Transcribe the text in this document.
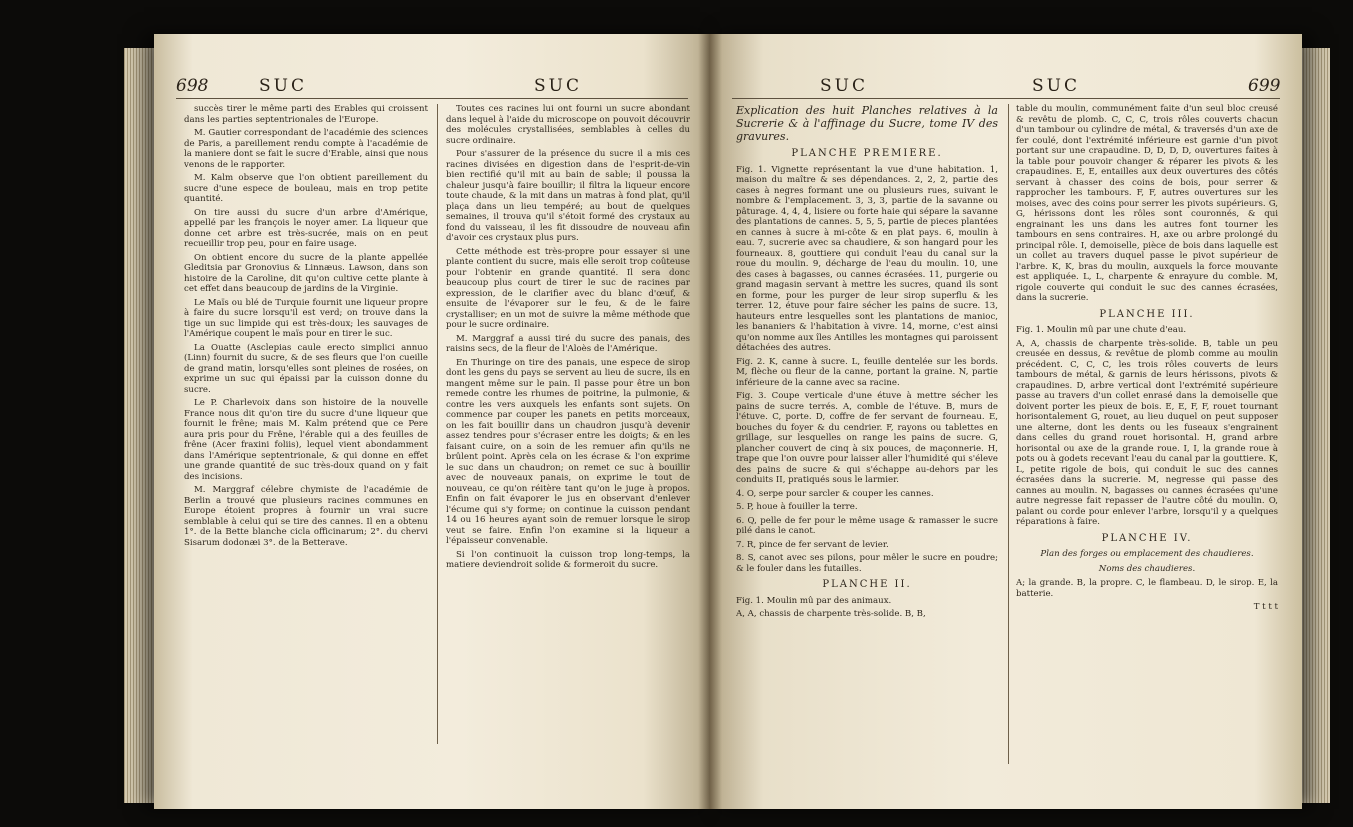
698	SUC	SUC

succès tirer le même parti des Erables qui croissent dans les parties septentrionales de l'Europe.

M. Gautier correspondant de l'académie des sciences de Paris, a pareillement rendu compte à l'académie de la maniere dont se fait le sucre d'Erable, ainsi que nous venons de le rapporter.

M. Kalm observe que l'on obtient pareillement du sucre d'une espece de bouleau, mais en trop petite quantité.

On tire aussi du sucre d'un arbre d'Amérique, appellé par les françois le noyer amer. La liqueur que donne cet arbre est très-sucrée, mais on en peut recueillir trop peu, pour en faire usage.

On obtient encore du sucre de la plante appellée Gleditsia par Gronovius & Linnæus. Lawson, dans son histoire de la Caroline, dit qu'on cultive cette plante à cet effet dans beaucoup de jardins de la Virginie.

Le Maïs ou blé de Turquie fournit une liqueur propre à faire du sucre lorsqu'il est verd; on trouve dans la tige un suc limpide qui est très-doux; les sauvages de l'Amérique coupent le maïs pour en tirer le suc.

La Ouatte (Asclepias caule erecto simplici annuo (Linn) fournit du sucre, & de ses fleurs que l'on cueille de grand matin, lorsqu'elles sont pleines de rosées, on exprime un suc qui épaissi par la cuisson donne du sucre.

Le P. Charlevoix dans son histoire de la nouvelle France nous dit qu'on tire du sucre d'une liqueur que fournit le frêne; mais M. Kalm prétend que ce Pere aura pris pour du Frêne, l'érable qui a des feuilles de frêne (Acer fraxini foliis), lequel vient abondamment dans l'Amérique septentrionale, & qui donne en effet une grande quantité de suc très-doux quand on y fait des incisions.

M. Marggraf célebre chymiste de l'académie de Berlin a trouvé que plusieurs racines communes en Europe étoient propres à fournir un vrai sucre semblable à celui qui se tire des cannes. Il en a obtenu 1°. de la Bette blanche cicla officinarum; 2°. du chervi Sisarum dodonæi 3°. de la Betterave.

Toutes ces racines lui ont fourni un sucre abondant dans lequel à l'aide du microscope on pouvoit découvrir des molécules crystallisées, semblables à celles du sucre ordinaire.

Pour s'assurer de la présence du sucre il a mis ces racines divisées en digestion dans de l'esprit-de-vin bien rectifié qu'il mit au bain de sable; il poussa la chaleur jusqu'à faire bouillir; il filtra la liqueur encore toute chaude, & la mit dans un matras à fond plat, qu'il plaça dans un lieu tempéré; au bout de quelques semaines, il trouva qu'il s'étoit formé des crystaux au fond du vaisseau, il les fit dissoudre de nouveau afin d'avoir ces crystaux plus purs.

Cette méthode est très-propre pour essayer si une plante contient du sucre, mais elle seroit trop coûteuse pour l'obtenir en grande quantité. Il sera donc beaucoup plus court de tirer le suc de racines par expression, de le clarifier avec du blanc d'œuf, & ensuite de l'évaporer sur le feu, & de le faire crystalliser; en un mot de suivre la même méthode que pour le sucre ordinaire.

M. Marggraf a aussi tiré du sucre des panais, des raisins secs, de la fleur de l'Aloès de l'Amérique.

En Thuringe on tire des panais, une espece de sirop dont les gens du pays se servent au lieu de sucre, ils en mangent même sur le pain. Il passe pour être un bon remede contre les rhumes de poitrine, la pulmonie, & contre les vers auxquels les enfants sont sujets. On commence par couper les panets en petits morceaux, on les fait bouillir dans un chaudron jusqu'à devenir assez tendres pour s'écraser entre les doigts; & en les faisant cuire, on a soin de les remuer afin qu'ils ne brûlent point. Après cela on les écrase & l'on exprime le suc dans un chaudron; on remet ce suc à bouillir avec de nouveaux panais, on exprime le tout de nouveau, ce qu'on réitère tant qu'on le juge à propos. Enfin on fait évaporer le jus en observant d'enlever l'écume qui s'y forme; on continue la cuisson pendant 14 ou 16 heures ayant soin de remuer lorsque le sirop veut se faire. Enfin l'on examine si la liqueur a l'épaisseur convenable.

Si l'on continuoit la cuisson trop long-temps, la matiere deviendroit solide & formeroit du sucre.

SUC	SUC	699

Explication des huit Planches relatives à la Sucrerie & à l'affinage du Sucre, tome IV des gravures.

PLANCHE PREMIERE.

Fig. 1. Vignette représentant la vue d'une habitation. 1, maison du maître & ses dépendances. 2, 2, 2, partie des cases à negres formant une ou plusieurs rues, suivant le nombre & l'emplacement. 3, 3, 3, partie de la savanne ou pâturage. 4, 4, 4, lisiere ou forte haie qui sépare la savanne des plantations de cannes. 5, 5, 5, partie de pieces plantées en cannes à sucre à mi-côte & en plat pays. 6, moulin à eau. 7, sucrerie avec sa chaudiere, & son hangard pour les fourneaux. 8, gouttiere qui conduit l'eau du canal sur la roue du moulin. 9, décharge de l'eau du moulin. 10, une des cases à bagasses, ou cannes écrasées. 11, purgerie ou grand magasin servant à mettre les sucres, quand ils sont en forme, pour les purger de leur sirop superflu & les terrer. 12, étuve pour faire sécher les pains de sucre. 13, hauteurs entre lesquelles sont les plantations de manioc, les bananiers & l'habitation à vivre. 14, morne, c'est ainsi qu'on nomme aux îles Antilles les montagnes qui paroissent détachées des autres.

Fig. 2. K, canne à sucre. L, feuille dentelée sur les bords. M, flèche ou fleur de la canne, portant la graine. N, partie inférieure de la canne avec sa racine.

Fig. 3. Coupe verticale d'une étuve à mettre sécher les pains de sucre terrés. A, comble de l'étuve. B, murs de l'étuve. C, porte. D, coffre de fer servant de fourneau. E, bouches du foyer & du cendrier. F, rayons ou tablettes en grillage, sur lesquelles on range les pains de sucre. G, plancher couvert de cinq à six pouces, de maçonnerie. H, trape que l'on ouvre pour laisser aller l'humidité qui s'éleve des pains de sucre & qui s'échappe au-dehors par les conduits II, pratiqués sous le larmier.

4. O, serpe pour sarcler & couper les cannes.

5. P, houe à fouiller la terre.

6. Q, pelle de fer pour le même usage & ramasser le sucre pilé dans le canot.

7. R, pince de fer servant de levier.

8. S, canot avec ses pilons, pour mêler le sucre en poudre; & le fouler dans les futailles.

PLANCHE II.

Fig. 1. Moulin mû par des animaux.

A, A, chassis de charpente très-solide. B, B,

table du moulin, communément faite d'un seul bloc creusé & revêtu de plomb. C, C, C, trois rôles couverts chacun d'un tambour ou cylindre de métal, & traversés d'un axe de fer coulé, dont l'extrémité inférieure est garnie d'un pivot portant sur une crapaudine. D, D, D, D, ouvertures faites à la table pour pouvoir changer & réparer les pivots & les crapaudines. E, E, entailles aux deux ouvertures des côtés servant à chasser des coins de bois, pour serrer & rapprocher les tambours. F, F, autres ouvertures sur les moises, avec des coins pour serrer les pivots supérieurs. G, G, hérissons dont les rôles sont couronnés, & qui engrainant les uns dans les autres font tourner les tambours en sens contraires. H, axe ou arbre prolongé du principal rôle. I, demoiselle, pièce de bois dans laquelle est un collet au travers duquel passe le pivot supérieur de l'arbre. K, K, bras du moulin, auxquels la force mouvante est appliquée. L, L, charpente & enrayure du comble. M, rigole couverte qui conduit le suc des cannes écrasées, dans la sucrerie.

PLANCHE III.

Fig. 1. Moulin mû par une chute d'eau.

A, A, chassis de charpente très-solide. B, table un peu creusée en dessus, & revêtue de plomb comme au moulin précédent. C, C, C, les trois rôles couverts de leurs tambours de métal, & garnis de leurs hérissons, pivots & crapaudines. D, arbre vertical dont l'extrémité supérieure passe au travers d'un collet enrasé dans la demoiselle que doivent porter les pieux de bois. E, E, F, F, rouet tournant horisontalement G, rouet, au lieu duquel on peut supposer une alterne, dont les dents ou les fuseaux s'engrainent dans celles du grand rouet horisontal. H, grand arbre horisontal ou axe de la grande roue. I, I, la grande roue à pots ou à godets recevant l'eau du canal par la gouttiere. K, L, petite rigole de bois, qui conduit le suc des cannes écrasées dans la sucrerie. M, negresse qui passe des cannes au moulin. N, bagasses ou cannes écrasées qu'une autre negresse fait repasser de l'autre côté du moulin. O, palant ou corde pour enlever l'arbre, lorsqu'il y a quelques réparations à faire.

PLANCHE IV.

Plan des forges ou emplacement des chaudieres.

Noms des chaudieres.

A; la grande. B, la propre. C, le flambeau. D, le sirop. E, la batterie.

T t t t
